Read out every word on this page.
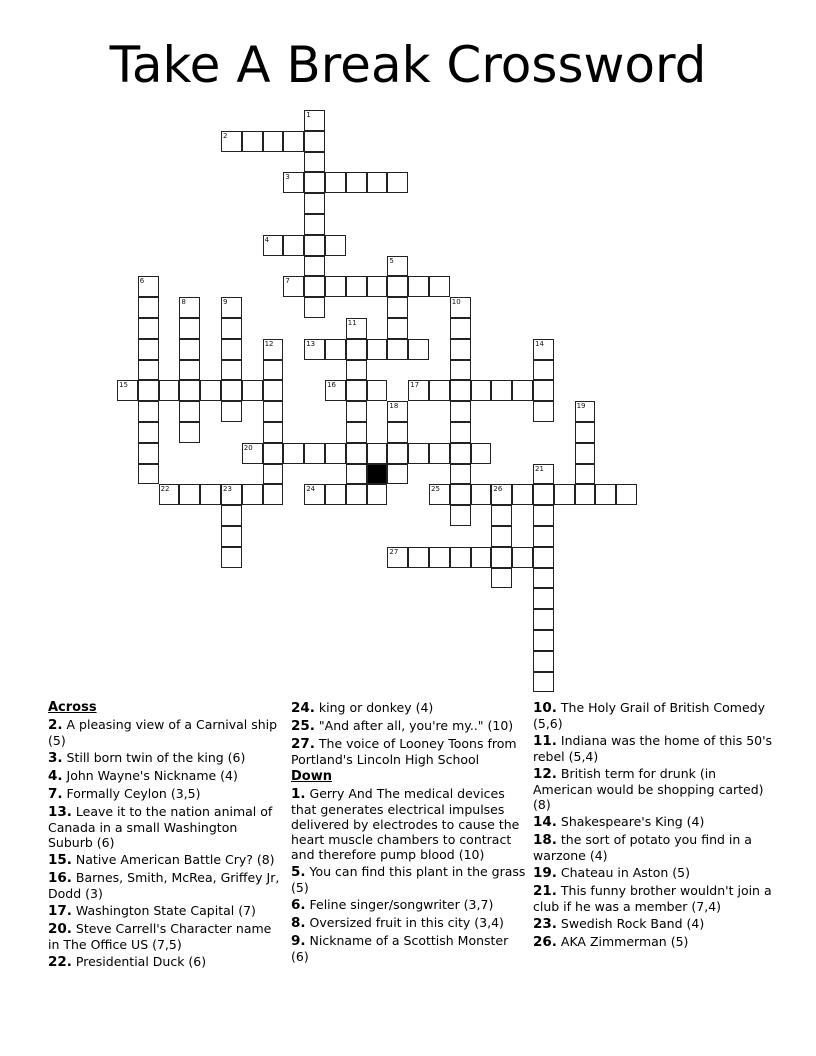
Take A Break Crossword
1
2
3
4
5
6	7
8	9	10
11
12	13	14
15	16	17
18	19
20
21
22	23	24	25	26
27
Across
2. A pleasing view of a Carnival ship (5)
3. Still born twin of the king (6)
4. John Wayne's Nickname (4)
7. Formally Ceylon (3,5)
13. Leave it to the nation animal of Canada in a small Washington Suburb (6)
15. Native American Battle Cry? (8)
16. Barnes, Smith, McRea, Griffey Jr, Dodd (3)
17. Washington State Capital (7)
20. Steve Carrell's Character name in The Office US (7,5)
22. Presidential Duck (6)
24. king or donkey (4)
25. "And after all, you're my.." (10)
27. The voice of Looney Toons from Portland's Lincoln High School
Down
1. Gerry And The medical devices that generates electrical impulses delivered by electrodes to cause the heart muscle chambers to contract and therefore pump blood (10)
5. You can find this plant in the grass (5)
6. Feline singer/songwriter (3,7)
8. Oversized fruit in this city (3,4)
9. Nickname of a Scottish Monster (6)
10. The Holy Grail of British Comedy (5,6)
11. Indiana was the home of this 50's rebel (5,4)
12. British term for drunk (in American would be shopping carted) (8)
14. Shakespeare's King (4)
18. the sort of potato you find in a warzone (4)
19. Chateau in Aston (5)
21. This funny brother wouldn't join a club if he was a member (7,4)
23. Swedish Rock Band (4)
26. AKA Zimmerman (5)
